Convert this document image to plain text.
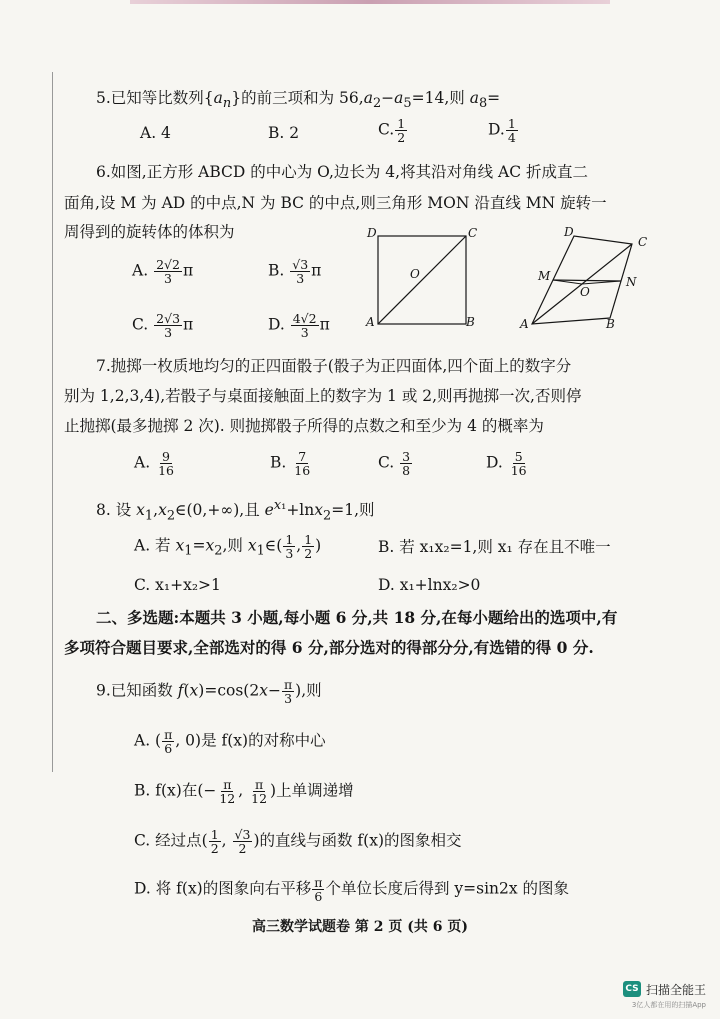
5.已知等比数列$\{a_n\}$的前三项和为 $56,a_2-a_5=14$,则 $a_8=$
A. 4	B. 2	C. $\frac{1}{2}$	D. $\frac{1}{4}$
6.如图,正方形 ABCD 的中心为 O,边长为 4,将其沿对角线 AC 折成直二
面角,设 M 为 AD 的中点,N 为 BC 的中点,则三角形 MON 沿直线 MN 旋转一
周得到的旋转体的体积为
A. $\frac{2√2}{3}$ π	B. $\frac{√3}{3}$ π
C. $\frac{2√3}{3}$ π	D. $\frac{4√2}{3}$ π
D	C
A	B
O
D
C
M	N
O
A	B
7.抛掷一枚质地均匀的正四面骰子(骰子为正四面体,四个面上的数字分
别为 1,2,3,4),若骰子与桌面接触面上的数字为 1 或 2,则再抛掷一次,否则停
止抛掷(最多抛掷 2 次). 则抛掷骰子所得的点数之和至少为 4 的概率为
A. $\frac{9}{16}$	B. $\frac{7}{16}$	C. $\frac{3}{8}$	D. $\frac{5}{16}$
8. 设 $x_1,x_2\in(0,+\infty)$,且 $e^{x_1}+\ln x_2=1$,则
A. 若 $x_1=x_2$,则 $x_1\in( \frac{1}{3}$ , $\frac{1}{2}$ )	B. 若 x₁x₂=1,则 x₁ 存在且不唯一
C. x₁+x₂>1	D. x₁+lnx₂>0
二、多选题:本题共 3 小题,每小题 6 分,共 18 分,在每小题给出的选项中,有
多项符合题目要求,全部选对的得 6 分,部分选对的得部分分,有选错的得 0 分.
9.已知函数 $f(x)=\cos(2x- \frac{\pi}{3}$ ),则
A. ( $\frac{\pi}{6}$ , 0)是 f(x)的对称中心
B. f(x)在(− $\frac{\pi}{12}$ , $\frac{\pi}{12}$ )上单调递增
C. 经过点( $\frac{1}{2}$ , $\frac{√3}{2}$ )的直线与函数 f(x)的图象相交
D. 将 f(x)的图象向右平移 $\frac{\pi}{6}$ 个单位长度后得到 y=sin2x 的图象
高三数学试题卷 第 2 页 (共 6 页)
CS 扫描全能王
3亿人都在用的扫描App
